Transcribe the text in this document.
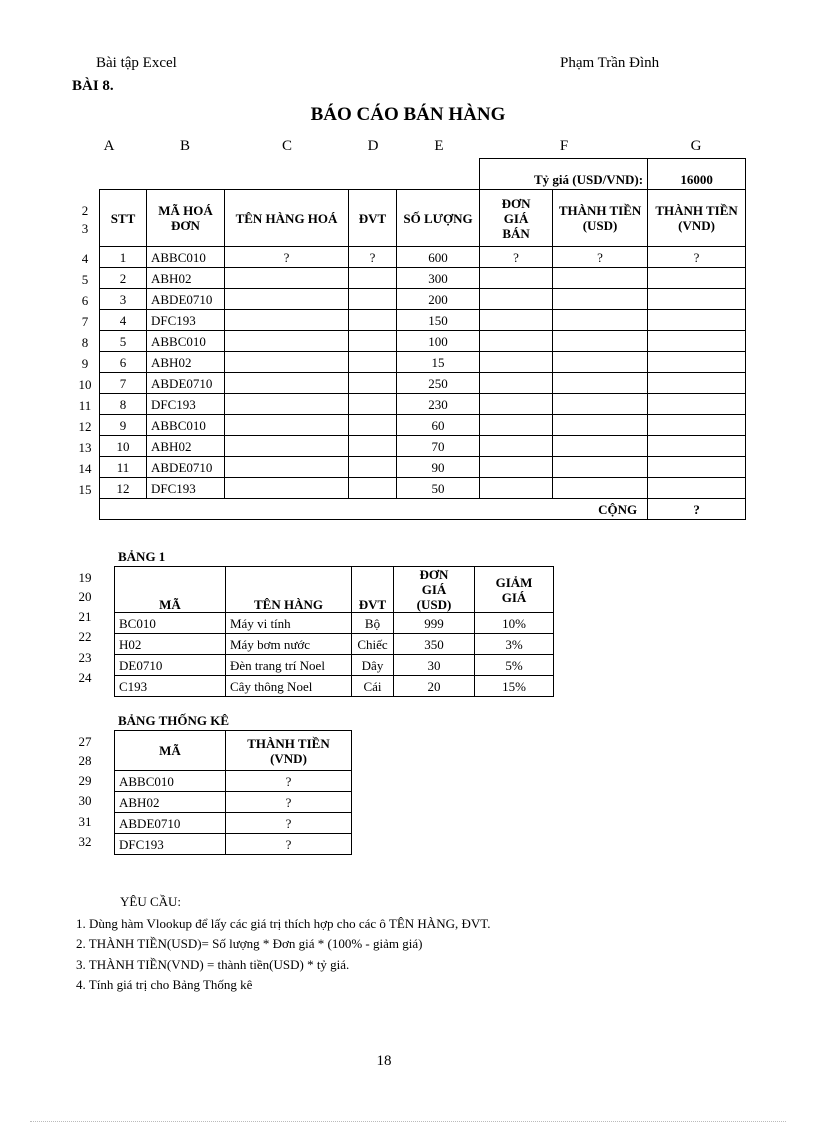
Bài tập Excel	Phạm Trần Đình
BÀI 8.
BÁO CÁO BÁN HÀNG
A	B	C	D	E	F	G
2
3
4
5
6
7
8
9
10
11
12
13
14
15
					Tỷ giá (USD/VND):		16000
STT	MÃ HOÁ ĐƠN	TÊN HÀNG HOÁ	ĐVT	SỐ LƯỢNG	ĐƠN GIÁ BÁN	THÀNH TIỀN (USD)	THÀNH TIỀN (VND)
1	ABBC010	?	?	600	?	?	?
2	ABH02			300			
3	ABDE0710			200			
4	DFC193			150			
5	ABBC010			100			
6	ABH02			15			
7	ABDE0710			250			
8	DFC193			230			
9	ABBC010			60			
10	ABH02			70			
11	ABDE0710			90			
12	DFC193			50			
CỘNG							?
BẢNG 1
19
20
21
22
23
24
MÃ	TÊN HÀNG	ĐVT	ĐƠN GIÁ (USD)	GIẢM GIÁ
BC010	Máy vi tính	Bộ	999	10%
H02	Máy bơm nước	Chiếc	350	3%
DE0710	Đèn trang trí Noel	Dây	30	5%
C193	Cây thông Noel	Cái	20	15%
BẢNG THỐNG KÊ
27
28
29
30
31
32
MÃ	THÀNH TIỀN (VND)
ABBC010	?
ABH02	?
ABDE0710	?
DFC193	?
YÊU CẦU:
1. Dùng hàm Vlookup để lấy các giá trị thích hợp cho các ô TÊN HÀNG, ĐVT.
2. THÀNH TIỀN(USD)= Số lượng * Đơn giá * (100% - giảm giá)
3. THÀNH TIỀN(VND) = thành tiền(USD) * tỷ giá.
4. Tính giá trị cho Bảng Thống kê
18
